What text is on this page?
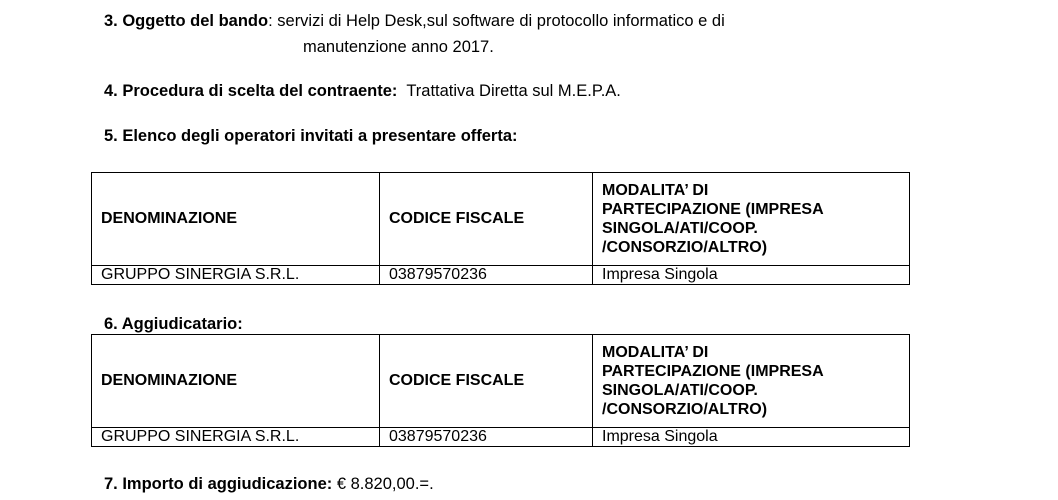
3. Oggetto del bando: servizi di Help Desk,sul software di protocollo informatico e di
manutenzione anno 2017.
4. Procedura di scelta del contraente: Trattativa Diretta sul M.E.P.A.
5. Elenco degli operatori invitati a presentare offerta:
DENOMINAZIONE	CODICE FISCALE	MODALITA’ DI
PARTECIPAZIONE (IMPRESA
SINGOLA/ATI/COOP.
/CONSORZIO/ALTRO)

GRUPPO SINERGIA S.R.L.	03879570236	Impresa Singola
6. Aggiudicatario:
DENOMINAZIONE	CODICE FISCALE	MODALITA’ DI
PARTECIPAZIONE (IMPRESA
SINGOLA/ATI/COOP.
/CONSORZIO/ALTRO)

GRUPPO SINERGIA S.R.L.	03879570236	Impresa Singola
7. Importo di aggiudicazione: € 8.820,00.=.
